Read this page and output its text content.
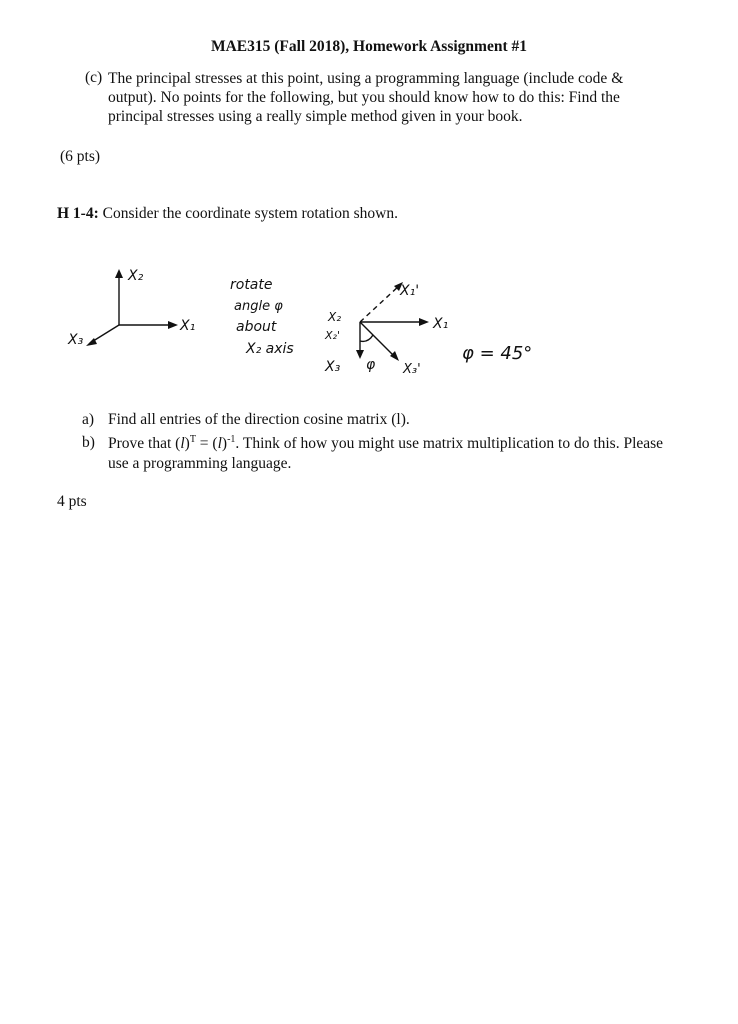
MAE315 (Fall 2018), Homework Assignment #1
(c) The principal stresses at this point, using a programming language (include code & output). No points for the following, but you should know how to do this: Find the principal stresses using a really simple method given in your book.
(6 pts)
H 1-4: Consider the coordinate system rotation shown.
X₂
X₁
X₃
rotate
angle φ
about
X₂ axis
X₁'
X₂
X₂'
X₁
X₃ φ X₃'
φ = 45°
a) Find all entries of the direction cosine matrix (l).
b) Prove that $(l)^T = (l)^{-1}$. Think of how you might use matrix multiplication to do this. Please use a programming language.
4 pts
